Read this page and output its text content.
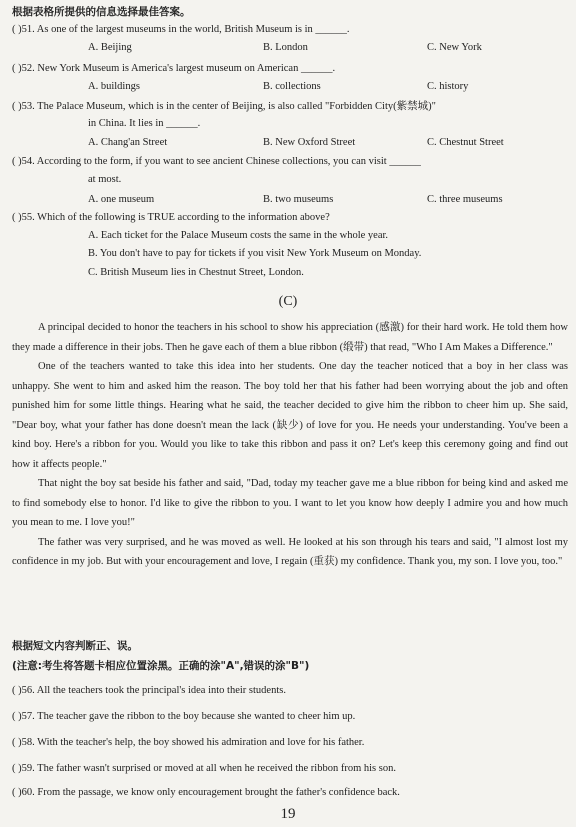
根据表格所提供的信息选择最佳答案。
( )51. As one of the largest museums in the world, British Museum is in ______.
A. Beijing	B. London	C. New York
( )52. New York Museum is America's largest museum on American ______.
A. buildings	B. collections	C. history
( )53. The Palace Museum, which is in the center of Beijing, is also called "Forbidden City(紫禁城)"
in China. It lies in ______.
A. Chang'an Street	B. New Oxford Street	C. Chestnut Street
( )54. According to the form, if you want to see ancient Chinese collections, you can visit ______
at most.
A. one museum	B. two museums	C. three museums
( )55. Which of the following is TRUE according to the information above?
A. Each ticket for the Palace Museum costs the same in the whole year.
B. You don't have to pay for tickets if you visit New York Museum on Monday.
C. British Museum lies in Chestnut Street, London.
(C)

A principal decided to honor the teachers in his school to show his appreciation (感激) for their hard work. He told them how they made a difference in their jobs. Then he gave each of them a blue ribbon (缎带) that read, "Who I Am Makes a Difference."

One of the teachers wanted to take this idea into her students. One day the teacher noticed that a boy in her class was unhappy. She went to him and asked him the reason. The boy told her that his father had been worrying about the job and often punished him for some little things. Hearing what he said, the teacher decided to give him the ribbon to cheer him up. She said, "Dear boy, what your father has done doesn't mean the lack (缺少) of love for you. He needs your understanding. You've been a kind boy. Here's a ribbon for you. Would you like to take this ribbon and pass it on? Let's keep this ceremony going and find out how it affects people."

That night the boy sat beside his father and said, "Dad, today my teacher gave me a blue ribbon for being kind and asked me to find somebody else to honor. I'd like to give the ribbon to you. I want to let you know how deeply I admire you and how much you mean to me. I love you!"

The father was very surprised, and he was moved as well. He looked at his son through his tears and said, "I almost lost my confidence in my job. But with your encouragement and love, I regain (重获) my confidence. Thank you, my son. I love you, too."

根据短文内容判断正、误。
(注意:考生将答题卡相应位置涂黑。正确的涂"A",错误的涂"B")
( )56. All the teachers took the principal's idea into their students.
( )57. The teacher gave the ribbon to the boy because she wanted to cheer him up.
( )58. With the teacher's help, the boy showed his admiration and love for his father.
( )59. The father wasn't surprised or moved at all when he received the ribbon from his son.
( )60. From the passage, we know only encouragement brought the father's confidence back.
19
